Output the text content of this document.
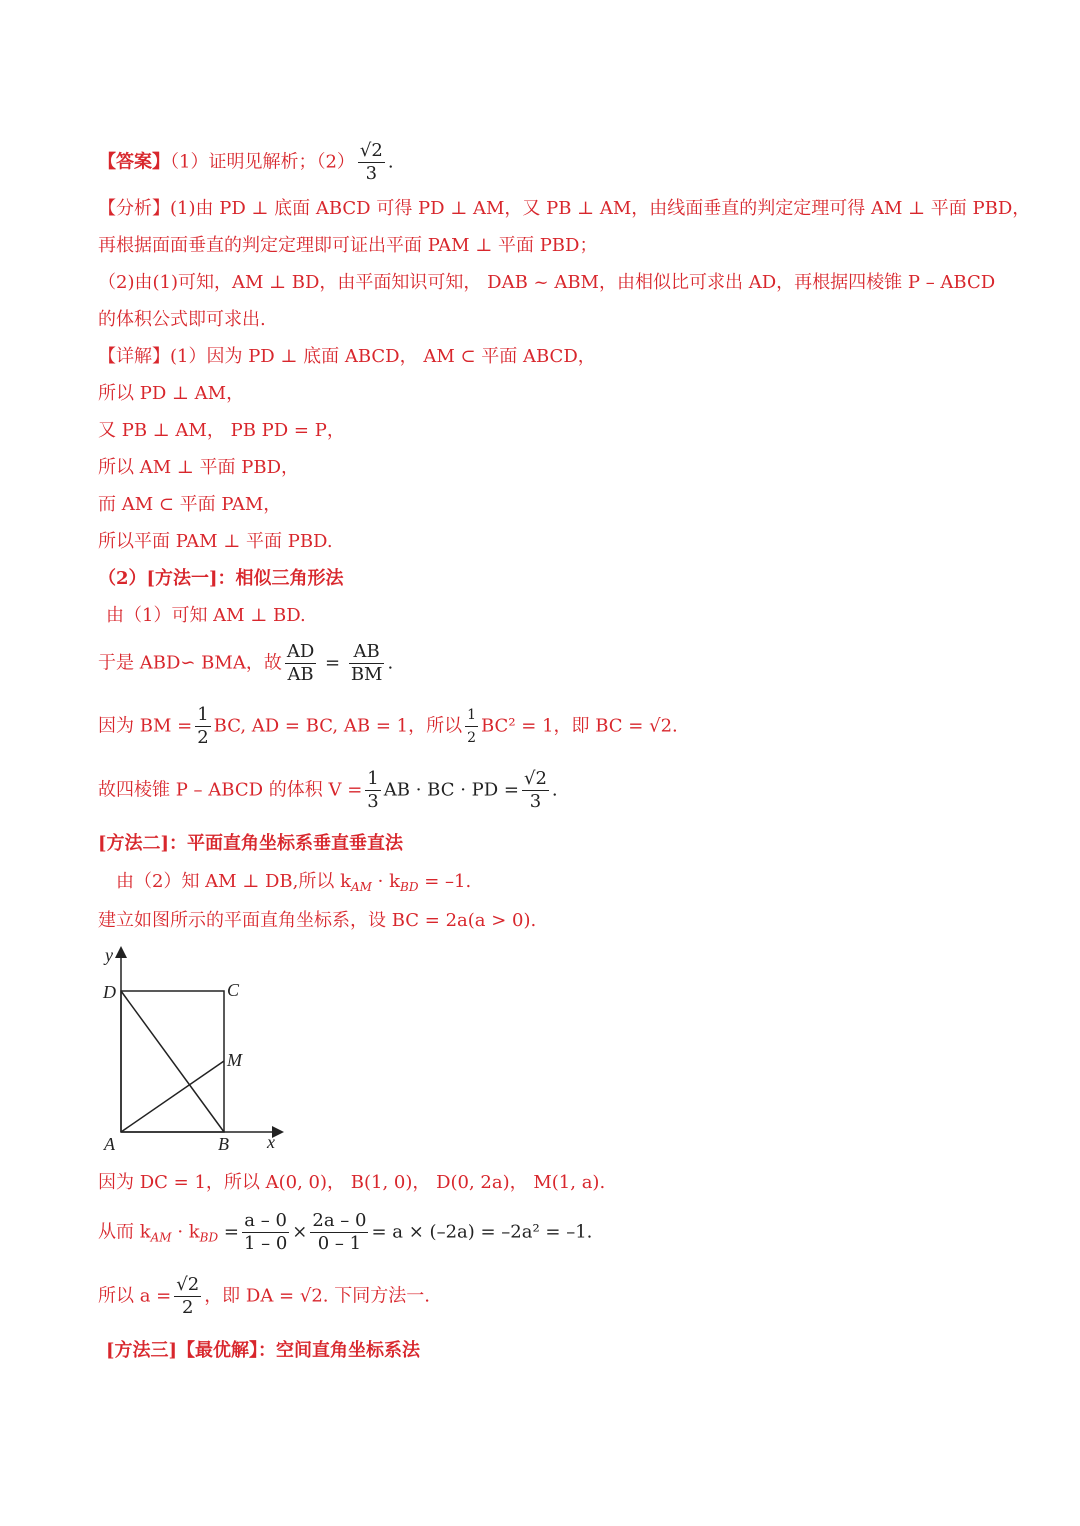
【答案】（1）证明见解析；$(2) \frac{√2}{3}$ .
【分析】(1)由 PD ⊥ 底面 ABCD 可得 PD ⊥ AM，又 PB ⊥ AM，由线面垂直的判定定理可得 AM ⊥ 平面 PBD，
再根据面面垂直的判定定理即可证出平面 PAM ⊥ 平面 PBD；
（2)由(1)可知，AM ⊥ BD，由平面知识可知， DAB ~ ABM，由相似比可求出 AD，再根据四棱锥 P – ABCD
的体积公式即可求出.
【详解】(1）因为 PD ⊥ 底面 ABCD， AM ⊂ 平面 ABCD，
所以 PD ⊥ AM，
又 PB ⊥ AM， PB PD = P，
所以 AM ⊥ 平面 PBD，
而 AM ⊂ 平面 PAM，
所以平面 PAM ⊥ 平面 PBD.
（2）[方法一]：相似三角形法
由（1）可知 AM ⊥ BD.
于是 ABD∽ BMA，故 $\frac{AD}{AB} = \frac{AB}{BM}$ .
因为 BM = $\frac{1}{2}$ BC, AD = BC, AB = 1，所以 $\frac{1}{2} BC^2 = 1$，即 BC = √2.
故四棱锥 P – ABCD 的体积 $V = \frac{1}{3}$ AB · BC · PD = $\frac{√2}{3}$ .
[方法二]：平面直角坐标系垂直垂直法
由（2）知 AM ⊥ DB,所以 $k_{AM} \cdot k_{BD} = -1$.
建立如图所示的平面直角坐标系，设 BC = 2a(a > 0).
y
D	C
M
A	B x
因为 DC = 1，所以 A(0, 0)， B(1, 0)， D(0, 2a)， M(1, a).
从而 $k_{AM} \cdot k_{BD} = \frac{a - 0}{1 - 0} \times \frac{2a - 0}{0 - 1} = a \times (-2a) = -2a^2 = -1$.
所以 $a = \frac{√2}{2}$ ，即 DA = √2. 下同方法一.
[方法三]【最优解】：空间直角坐标系法
